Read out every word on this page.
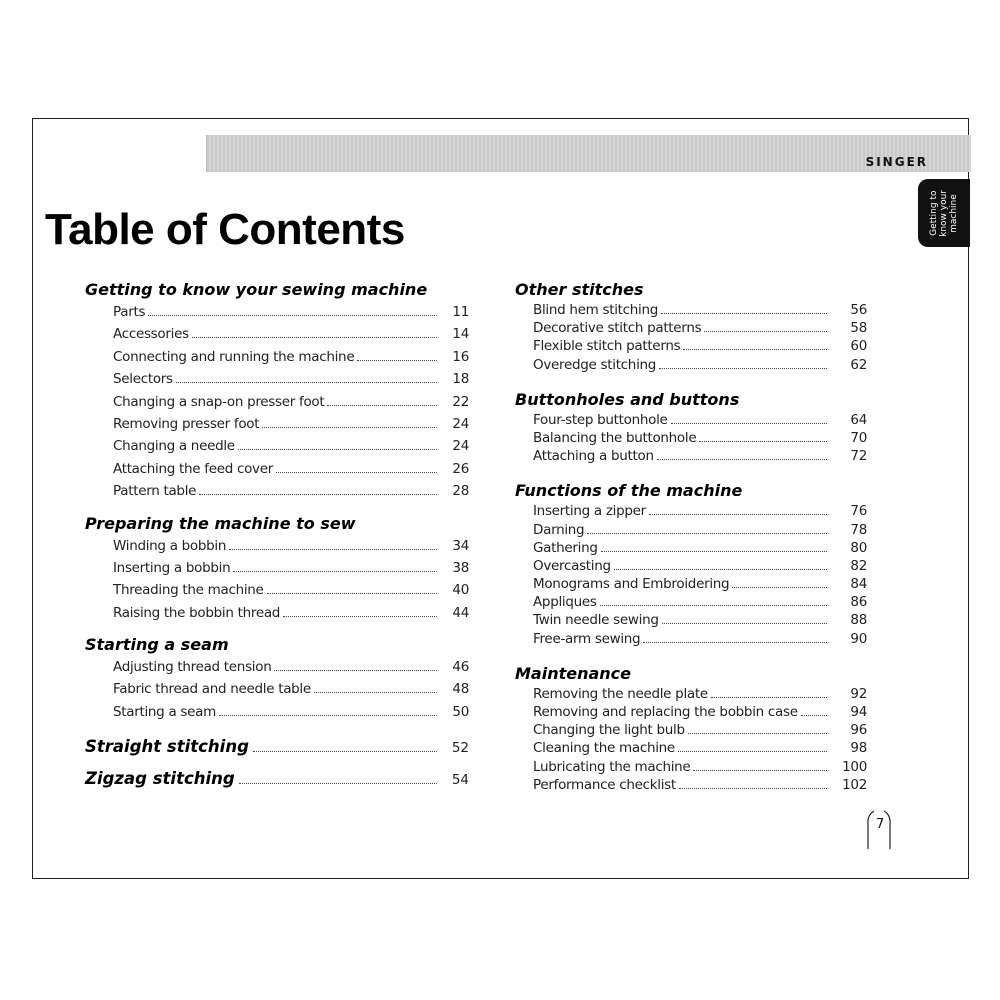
SINGER
Getting to
know your
machine
Table of Contents
Getting to know your sewing machine
Parts	11
Accessories	14
Connecting and running the machine	16
Selectors	18
Changing a snap-on presser foot	22
Removing presser foot	24
Changing a needle	24
Attaching the feed cover	26
Pattern table	28
Preparing the machine to sew
Winding a bobbin	34
Inserting a bobbin	38
Threading the machine	40
Raising the bobbin thread	44
Starting a seam
Adjusting thread tension	46
Fabric thread and needle table	48
Starting a seam	50
Straight stitching	52
Zigzag stitching	54
Other stitches
Blind hem stitching	56
Decorative stitch patterns	58
Flexible stitch patterns	60
Overedge stitching	62
Buttonholes and buttons
Four-step buttonhole	64
Balancing the buttonhole	70
Attaching a button	72
Functions of the machine
Inserting a zipper	76
Darning	78
Gathering	80
Overcasting	82
Monograms and Embroidering	84
Appliques	86
Twin needle sewing	88
Free-arm sewing	90
Maintenance
Removing the needle plate	92
Removing and replacing the bobbin case	94
Changing the light bulb	96
Cleaning the machine	98
Lubricating the machine	100
Performance checklist	102
7
